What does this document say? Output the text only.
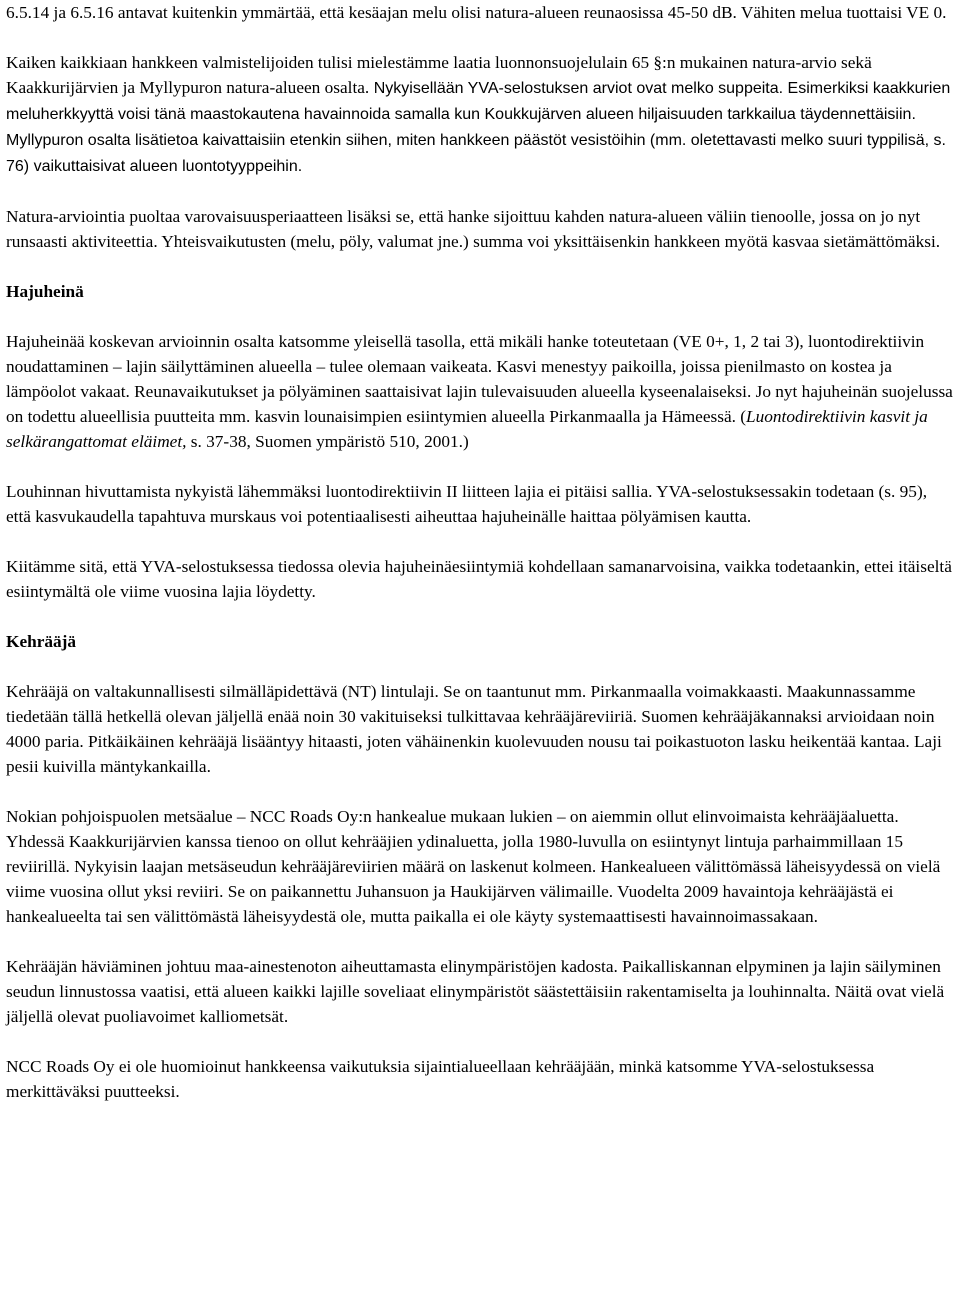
6.5.14 ja 6.5.16 antavat kuitenkin ymmärtää, että kesäajan melu olisi natura-alueen reunaosissa 45-50 dB. Vähiten melua tuottaisi VE 0.

Kaiken kaikkiaan hankkeen valmistelijoiden tulisi mielestämme laatia luonnonsuojelulain 65 §:n mukainen natura-arvio sekä Kaakkurijärvien ja Myllypuron natura-alueen osalta. Nykyisellään YVA-selostuksen arviot ovat melko suppeita. Esimerkiksi kaakkurien meluherkkyyttä voisi tänä maastokautena havainnoida samalla kun Koukkujärven alueen hiljaisuuden tarkkailua täydennettäisiin. Myllypuron osalta lisätietoa kaivattaisiin etenkin siihen, miten hankkeen päästöt vesistöihin (mm. oletettavasti melko suuri typpilisä, s. 76) vaikuttaisivat alueen luontotyyppeihin.

Natura-arviointia puoltaa varovaisuusperiaatteen lisäksi se, että hanke sijoittuu kahden natura-alueen väliin tienoolle, jossa on jo nyt runsaasti aktiviteettia. Yhteisvaikutusten (melu, pöly, valumat jne.) summa voi yksittäisenkin hankkeen myötä kasvaa sietämättömäksi.

Hajuheinä

Hajuheinää koskevan arvioinnin osalta katsomme yleisellä tasolla, että mikäli hanke toteutetaan (VE 0+, 1, 2 tai 3), luontodirektiivin noudattaminen – lajin säilyttäminen alueella – tulee olemaan vaikeata. Kasvi menestyy paikoilla, joissa pienilmasto on kostea ja lämpöolot vakaat. Reunavaikutukset ja pölyäminen saattaisivat lajin tulevaisuuden alueella kyseenalaiseksi. Jo nyt hajuheinän suojelussa on todettu alueellisia puutteita mm. kasvin lounaisimpien esiintymien alueella Pirkanmaalla ja Hämeessä. (Luontodirektiivin kasvit ja selkärangattomat eläimet, s. 37-38, Suomen ympäristö 510, 2001.)

Louhinnan hivuttamista nykyistä lähemmäksi luontodirektiivin II liitteen lajia ei pitäisi sallia. YVA-selostuksessakin todetaan (s. 95), että kasvukaudella tapahtuva murskaus voi potentiaalisesti aiheuttaa hajuheinälle haittaa pölyämisen kautta.

Kiitämme sitä, että YVA-selostuksessa tiedossa olevia hajuheinäesiintymiä kohdellaan samanarvoisina, vaikka todetaankin, ettei itäiseltä esiintymältä ole viime vuosina lajia löydetty.

Kehrääjä

Kehrääjä on valtakunnallisesti silmälläpidettävä (NT) lintulaji. Se on taantunut mm. Pirkanmaalla voimakkaasti. Maakunnassamme tiedetään tällä hetkellä olevan jäljellä enää noin 30 vakituiseksi tulkittavaa kehrääjäreviiriä. Suomen kehrääjäkannaksi arvioidaan noin 4000 paria. Pitkäikäinen kehrääjä lisääntyy hitaasti, joten vähäinenkin kuolevuuden nousu tai poikastuoton lasku heikentää kantaa. Laji pesii kuivilla mäntykankailla.

Nokian pohjoispuolen metsäalue – NCC Roads Oy:n hankealue mukaan lukien – on aiemmin ollut elinvoimaista kehrääjäaluetta. Yhdessä Kaakkurijärvien kanssa tienoo on ollut kehrääjien ydinaluetta, jolla 1980-luvulla on esiintynyt lintuja parhaimmillaan 15 reviirillä. Nykyisin laajan metsäseudun kehrääjäreviirien määrä on laskenut kolmeen. Hankealueen välittömässä läheisyydessä on vielä viime vuosina ollut yksi reviiri. Se on paikannettu Juhansuon ja Haukijärven välimaille. Vuodelta 2009 havaintoja kehrääjästä ei hankealueelta tai sen välittömästä läheisyydestä ole, mutta paikalla ei ole käyty systemaattisesti havainnoimassakaan.

Kehrääjän häviäminen johtuu maa-ainestenoton aiheuttamasta elinympäristöjen kadosta. Paikalliskannan elpyminen ja lajin säilyminen seudun linnustossa vaatisi, että alueen kaikki lajille soveliaat elinympäristöt säästettäisiin rakentamiselta ja louhinnalta. Näitä ovat vielä jäljellä olevat puoliavoimet kalliometsät.

NCC Roads Oy ei ole huomioinut hankkeensa vaikutuksia sijaintialueellaan kehrääjään, minkä katsomme YVA-selostuksessa merkittäväksi puutteeksi.
